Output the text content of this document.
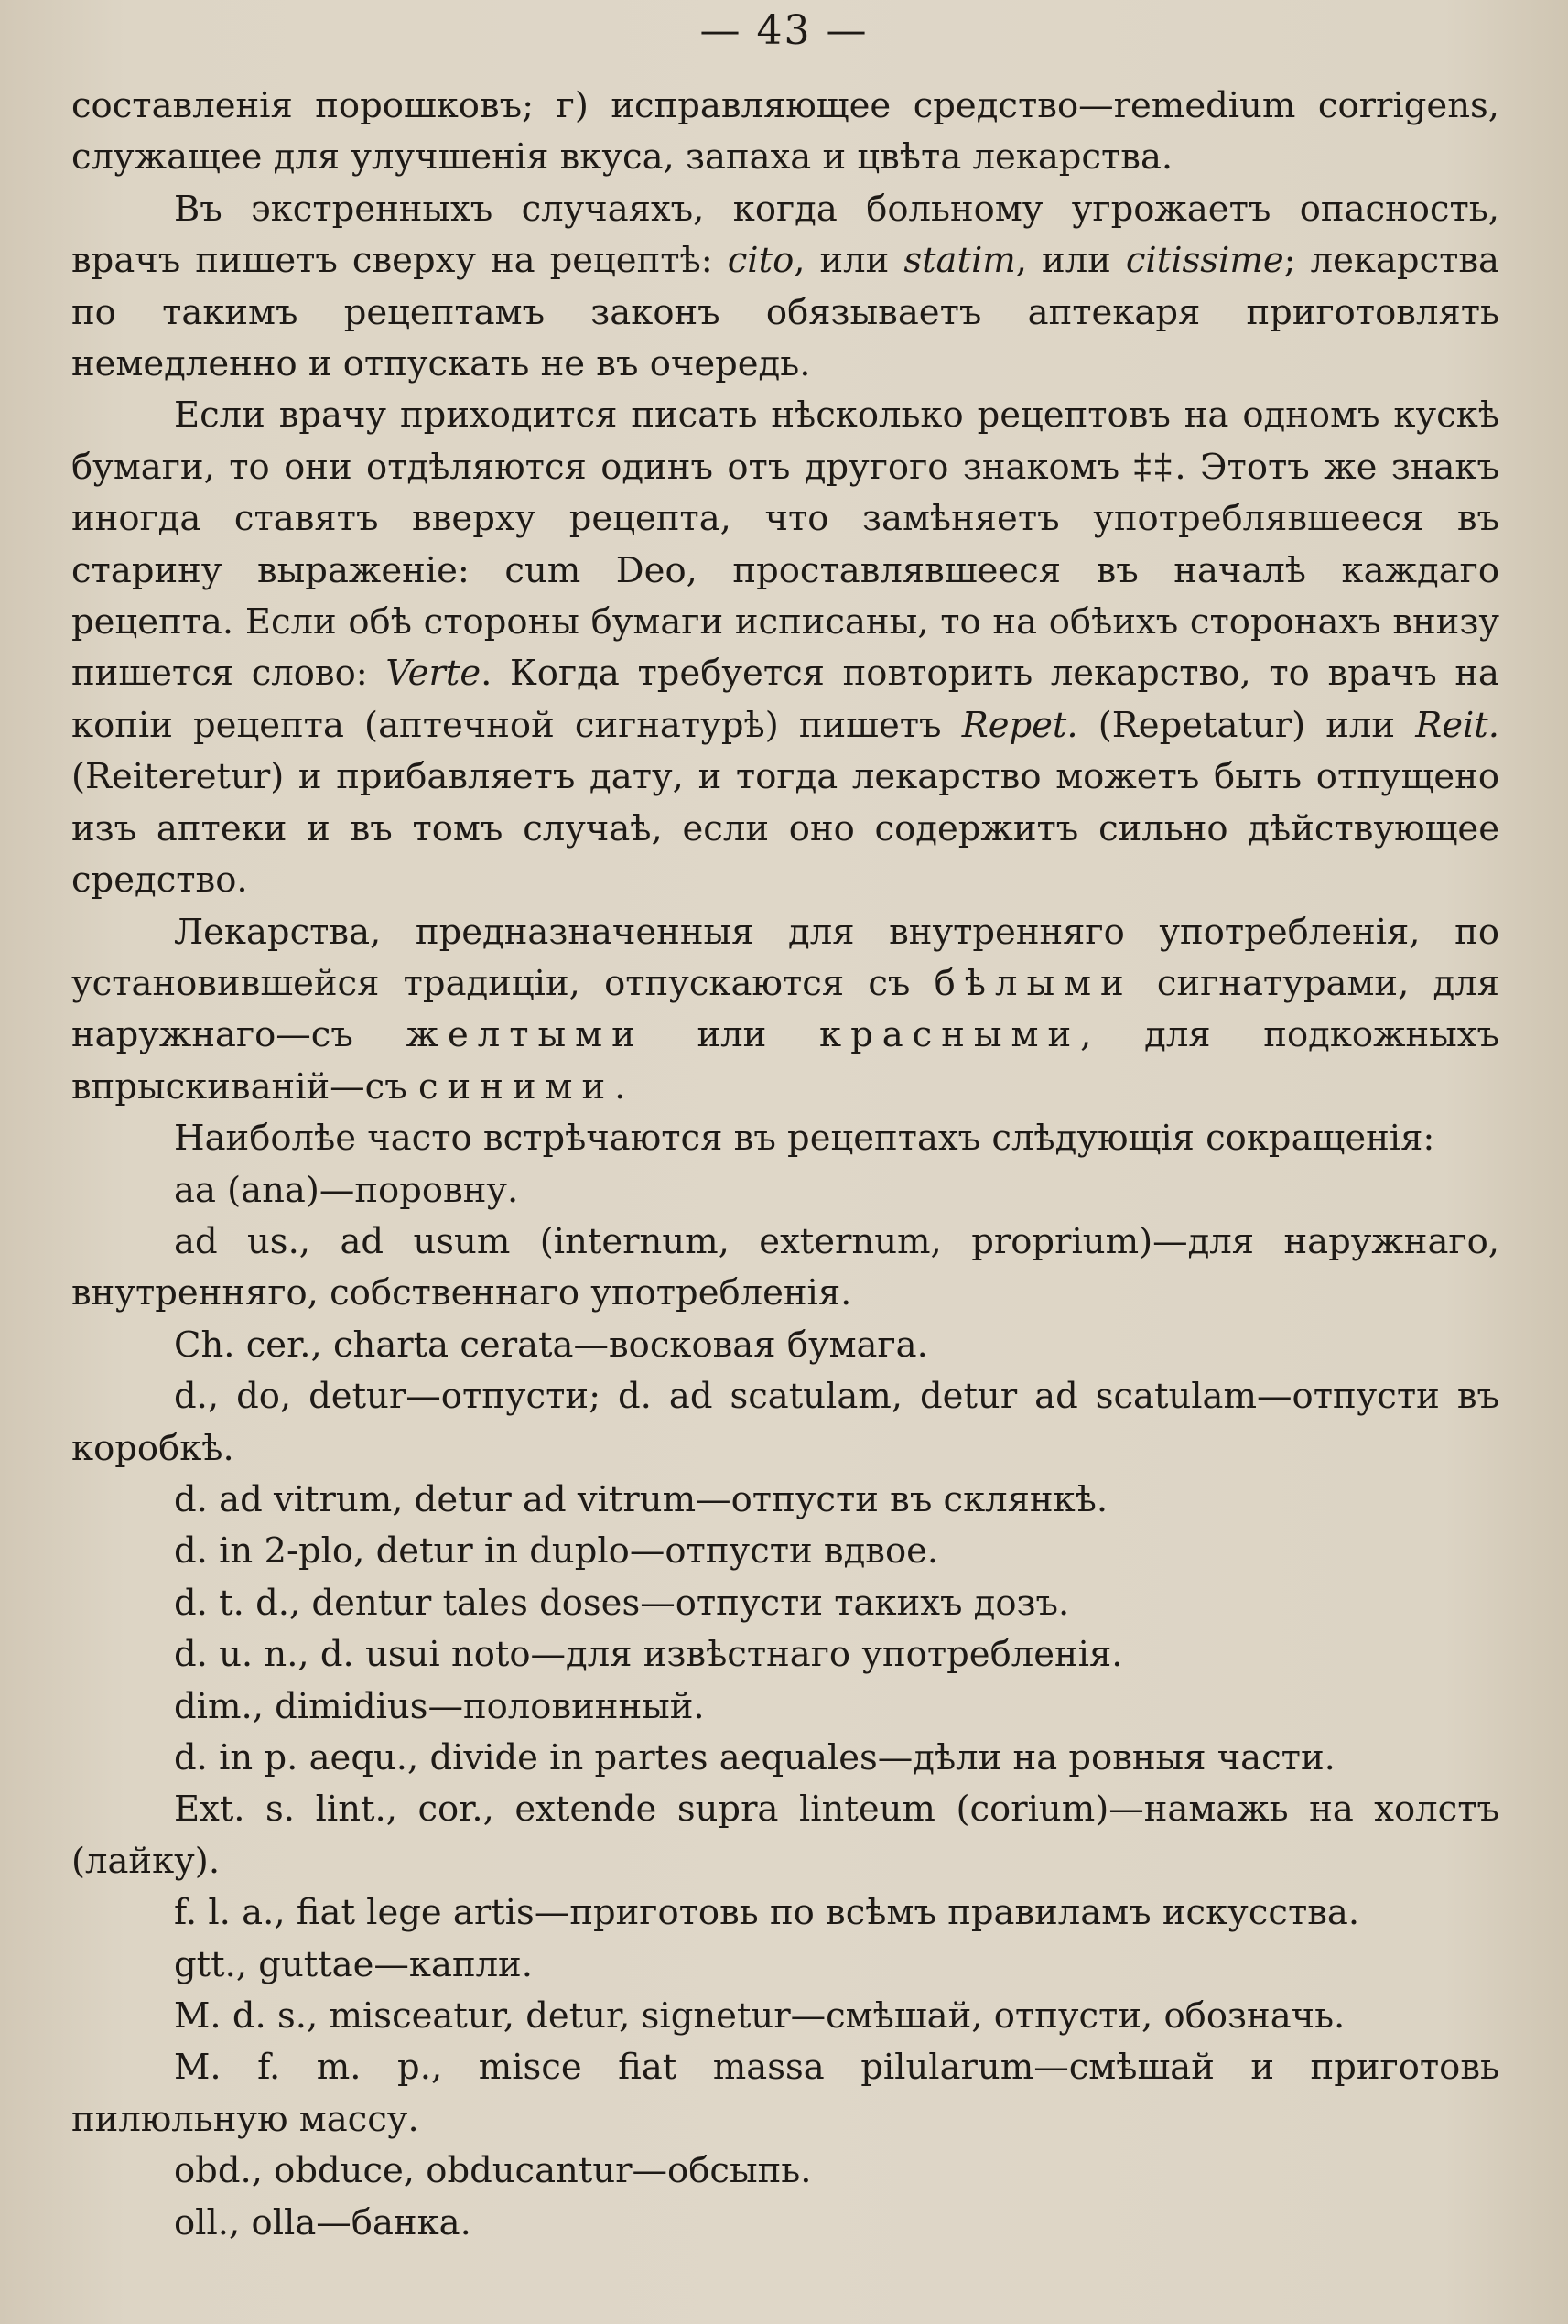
— 43 —

составленія порошковъ; г) исправляющее средство—remedium corrigens, служащее для улучшенія вкуса, запаха и цвѣта лекарства.

Въ экстренныхъ случаяхъ, когда больному угрожаетъ опасность, врачъ пишетъ сверху на рецептѣ: cito, или statim, или citissime; лекарства по такимъ рецептамъ законъ обязываетъ аптекаря приготовлять немедленно и отпускать не въ очередь.

Если врачу приходится писать нѣсколько рецептовъ на одномъ кускѣ бумаги, то они отдѣляются одинъ отъ другого знакомъ ‡‡. Этотъ же знакъ иногда ставятъ вверху рецепта, что замѣняетъ употреблявшееся въ старину выраженіе: cum Deo, проставлявшееся въ началѣ каждаго рецепта. Если обѣ стороны бумаги исписаны, то на обѣихъ сторонахъ внизу пишется слово: Verte. Когда требуется повторить лекарство, то врачъ на копіи рецепта (аптечной сигнатурѣ) пишетъ Repet. (Repetatur) или Reit. (Reiteretur) и прибавляетъ дату, и тогда лекарство можетъ быть отпущено изъ аптеки и въ томъ случаѣ, если оно содержитъ сильно дѣйствующее средство.

Лекарства, предназначенныя для внутренняго употребленія, по установившейся традиціи, отпускаются съ бѣлыми сигнатурами, для наружнаго—съ желтыми или красными, для подкожныхъ впрыскиваній—съ синими.

Наиболѣе часто встрѣчаются въ рецептахъ слѣдующія сокращенія:

aa (ana)—поровну.

ad us., ad usum (internum, externum, proprium)—для наружнаго, внутренняго, собственнаго употребленія.

Ch. cer., charta cerata—восковая бумага.

d., do, detur—отпусти; d. ad scatulam, detur ad scatulam—отпусти въ коробкѣ.

d. ad vitrum, detur ad vitrum—отпусти въ склянкѣ.

d. in 2-plo, detur in duplo—отпусти вдвое.

d. t. d., dentur tales doses—отпусти такихъ дозъ.

d. u. n., d. usui noto—для извѣстнаго употребленія.

dim., dimidius—половинный.

d. in p. aequ., divide in partes aequales—дѣли на ровныя части.

Ext. s. lint., cor., extende supra linteum (corium)—намажь на холстъ (лайку).

f. l. a., fiat lege artis—приготовь по всѣмъ правиламъ искусства.

gtt., guttae—капли.

M. d. s., misceatur, detur, signetur—смѣшай, отпусти, обозначь.

M. f. m. p., misce fiat massa pilularum—смѣшай и приготовь пилюльную массу.

obd., obduce, obducantur—обсыпь.

oll., olla—банка.
